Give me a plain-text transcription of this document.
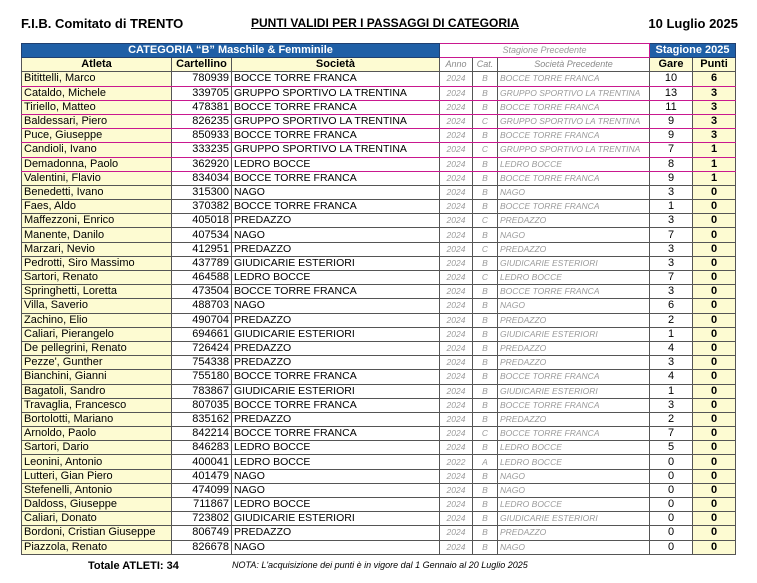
F.I.B. Comitato di TRENTO	PUNTI VALIDI PER I PASSAGGI DI CATEGORIA	10 Luglio 2025
CATEGORIA “B” Maschile & Femminile			Stagione Precedente			Stagione 2025	
Atleta	Cartellino	Società	Anno	Cat.	Società Precedente	Gare	Punti
Bitittelli, Marco	780939	BOCCE TORRE FRANCA	2024	B	BOCCE TORRE FRANCA	10	6
Cataldo, Michele	339705	GRUPPO SPORTIVO LA TRENTINA	2024	B	GRUPPO SPORTIVO LA TRENTINA	13	3
Tiriello, Matteo	478381	BOCCE TORRE FRANCA	2024	B	BOCCE TORRE FRANCA	11	3
Baldessari, Piero	826235	GRUPPO SPORTIVO LA TRENTINA	2024	C	GRUPPO SPORTIVO LA TRENTINA	9	3
Puce, Giuseppe	850933	BOCCE TORRE FRANCA	2024	B	BOCCE TORRE FRANCA	9	3
Candioli, Ivano	333235	GRUPPO SPORTIVO LA TRENTINA	2024	C	GRUPPO SPORTIVO LA TRENTINA	7	1
Demadonna, Paolo	362920	LEDRO BOCCE	2024	B	LEDRO BOCCE	8	1
Valentini, Flavio	834034	BOCCE TORRE FRANCA	2024	B	BOCCE TORRE FRANCA	9	1
Benedetti, Ivano	315300	NAGO	2024	B	NAGO	3	0
Faes, Aldo	370382	BOCCE TORRE FRANCA	2024	B	BOCCE TORRE FRANCA	1	0
Maffezzoni, Enrico	405018	PREDAZZO	2024	C	PREDAZZO	3	0
Manente, Danilo	407534	NAGO	2024	B	NAGO	7	0
Marzari, Nevio	412951	PREDAZZO	2024	C	PREDAZZO	3	0
Pedrotti, Siro Massimo	437789	GIUDICARIE ESTERIORI	2024	B	GIUDICARIE ESTERIORI	3	0
Sartori, Renato	464588	LEDRO BOCCE	2024	C	LEDRO BOCCE	7	0
Springhetti, Loretta	473504	BOCCE TORRE FRANCA	2024	B	BOCCE TORRE FRANCA	3	0
Villa, Saverio	488703	NAGO	2024	B	NAGO	6	0
Zachino, Elio	490704	PREDAZZO	2024	B	PREDAZZO	2	0
Caliari, Pierangelo	694661	GIUDICARIE ESTERIORI	2024	B	GIUDICARIE ESTERIORI	1	0
De pellegrini, Renato	726424	PREDAZZO	2024	B	PREDAZZO	4	0
Pezze', Gunther	754338	PREDAZZO	2024	B	PREDAZZO	3	0
Bianchini, Gianni	755180	BOCCE TORRE FRANCA	2024	B	BOCCE TORRE FRANCA	4	0
Bagatoli, Sandro	783867	GIUDICARIE ESTERIORI	2024	B	GIUDICARIE ESTERIORI	1	0
Travaglia, Francesco	807035	BOCCE TORRE FRANCA	2024	B	BOCCE TORRE FRANCA	3	0
Bortolotti, Mariano	835162	PREDAZZO	2024	B	PREDAZZO	2	0
Arnoldo, Paolo	842214	BOCCE TORRE FRANCA	2024	C	BOCCE TORRE FRANCA	7	0
Sartori, Dario	846283	LEDRO BOCCE	2024	B	LEDRO BOCCE	5	0
Leonini, Antonio	400041	LEDRO BOCCE	2022	A	LEDRO BOCCE	0	0
Lutteri, Gian Piero	401479	NAGO	2024	B	NAGO	0	0
Stefenelli, Antonio	474099	NAGO	2024	B	NAGO	0	0
Daldoss, Giuseppe	711867	LEDRO BOCCE	2024	B	LEDRO BOCCE	0	0
Caliari, Donato	723802	GIUDICARIE ESTERIORI	2024	B	GIUDICARIE ESTERIORI	0	0
Bordoni, Cristian Giuseppe	806749	PREDAZZO	2024	B	PREDAZZO	0	0
Piazzola, Renato	826678	NAGO	2024	B	NAGO	0	0
Totale ATLETI: 34	NOTA: L'acquisizione dei punti è in vigore dal 1 Gennaio al 20 Luglio 2025
